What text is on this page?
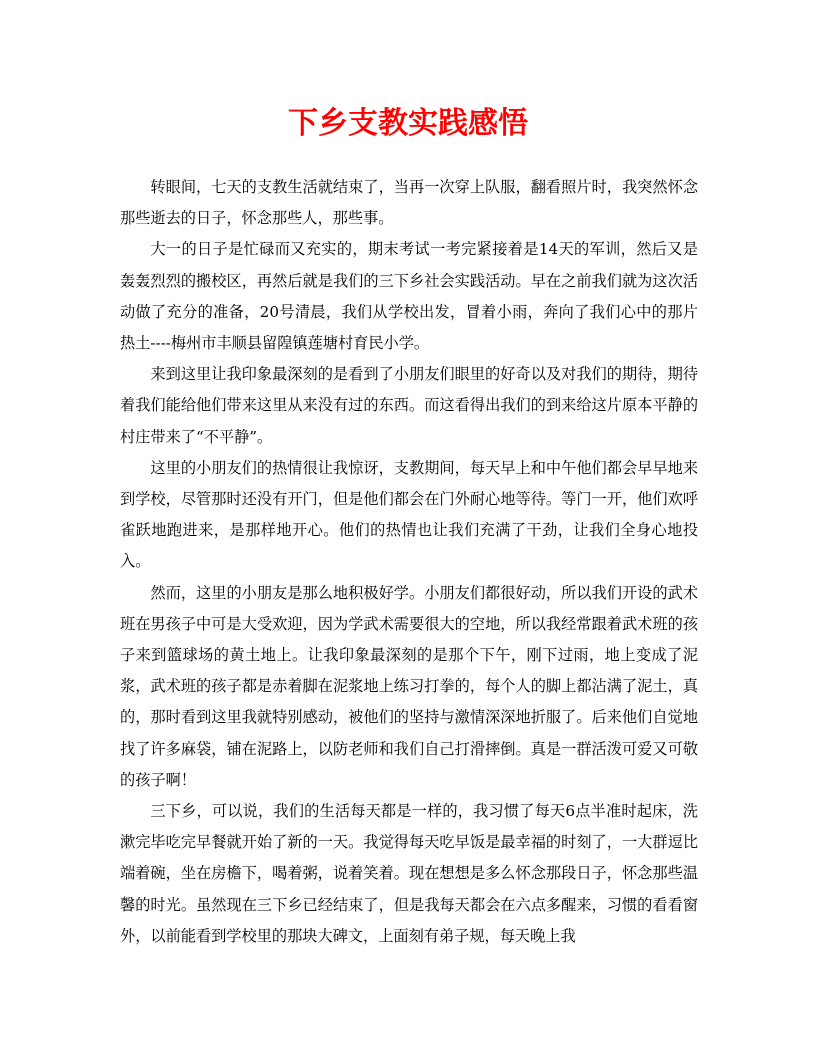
下乡支教实践感悟

转眼间，七天的支教生活就结束了，当再一次穿上队服，翻看照片时，我突然怀念那些逝去的日子，怀念那些人，那些事。

大一的日子是忙碌而又充实的，期末考试一考完紧接着是14天的军训，然后又是轰轰烈烈的搬校区，再然后就是我们的三下乡社会实践活动。早在之前我们就为这次活动做了充分的准备，20号清晨，我们从学校出发，冒着小雨，奔向了我们心中的那片热土----梅州市丰顺县留隍镇莲塘村育民小学。

来到这里让我印象最深刻的是看到了小朋友们眼里的好奇以及对我们的期待，期待着我们能给他们带来这里从来没有过的东西。而这看得出我们的到来给这片原本平静的村庄带来了“不平静”。

这里的小朋友们的热情很让我惊讶，支教期间，每天早上和中午他们都会早早地来到学校，尽管那时还没有开门，但是他们都会在门外耐心地等待。等门一开，他们欢呼雀跃地跑进来，是那样地开心。他们的热情也让我们充满了干劲，让我们全身心地投入。

然而，这里的小朋友是那么地积极好学。小朋友们都很好动，所以我们开设的武术班在男孩子中可是大受欢迎，因为学武术需要很大的空地，所以我经常跟着武术班的孩子来到篮球场的黄土地上。让我印象最深刻的是那个下午，刚下过雨，地上变成了泥浆，武术班的孩子都是赤着脚在泥浆地上练习打拳的，每个人的脚上都沾满了泥土，真的，那时看到这里我就特别感动，被他们的坚持与激情深深地折服了。后来他们自觉地找了许多麻袋，铺在泥路上，以防老师和我们自己打滑摔倒。真是一群活泼可爱又可敬的孩子啊！

三下乡，可以说，我们的生活每天都是一样的，我习惯了每天6点半准时起床，洗漱完毕吃完早餐就开始了新的一天。我觉得每天吃早饭是最幸福的时刻了，一大群逗比端着碗，坐在房檐下，喝着粥，说着笑着。现在想想是多么怀念那段日子，怀念那些温馨的时光。虽然现在三下乡已经结束了，但是我每天都会在六点多醒来，习惯的看看窗外，以前能看到学校里的那块大碑文，上面刻有弟子规，每天晚上我
